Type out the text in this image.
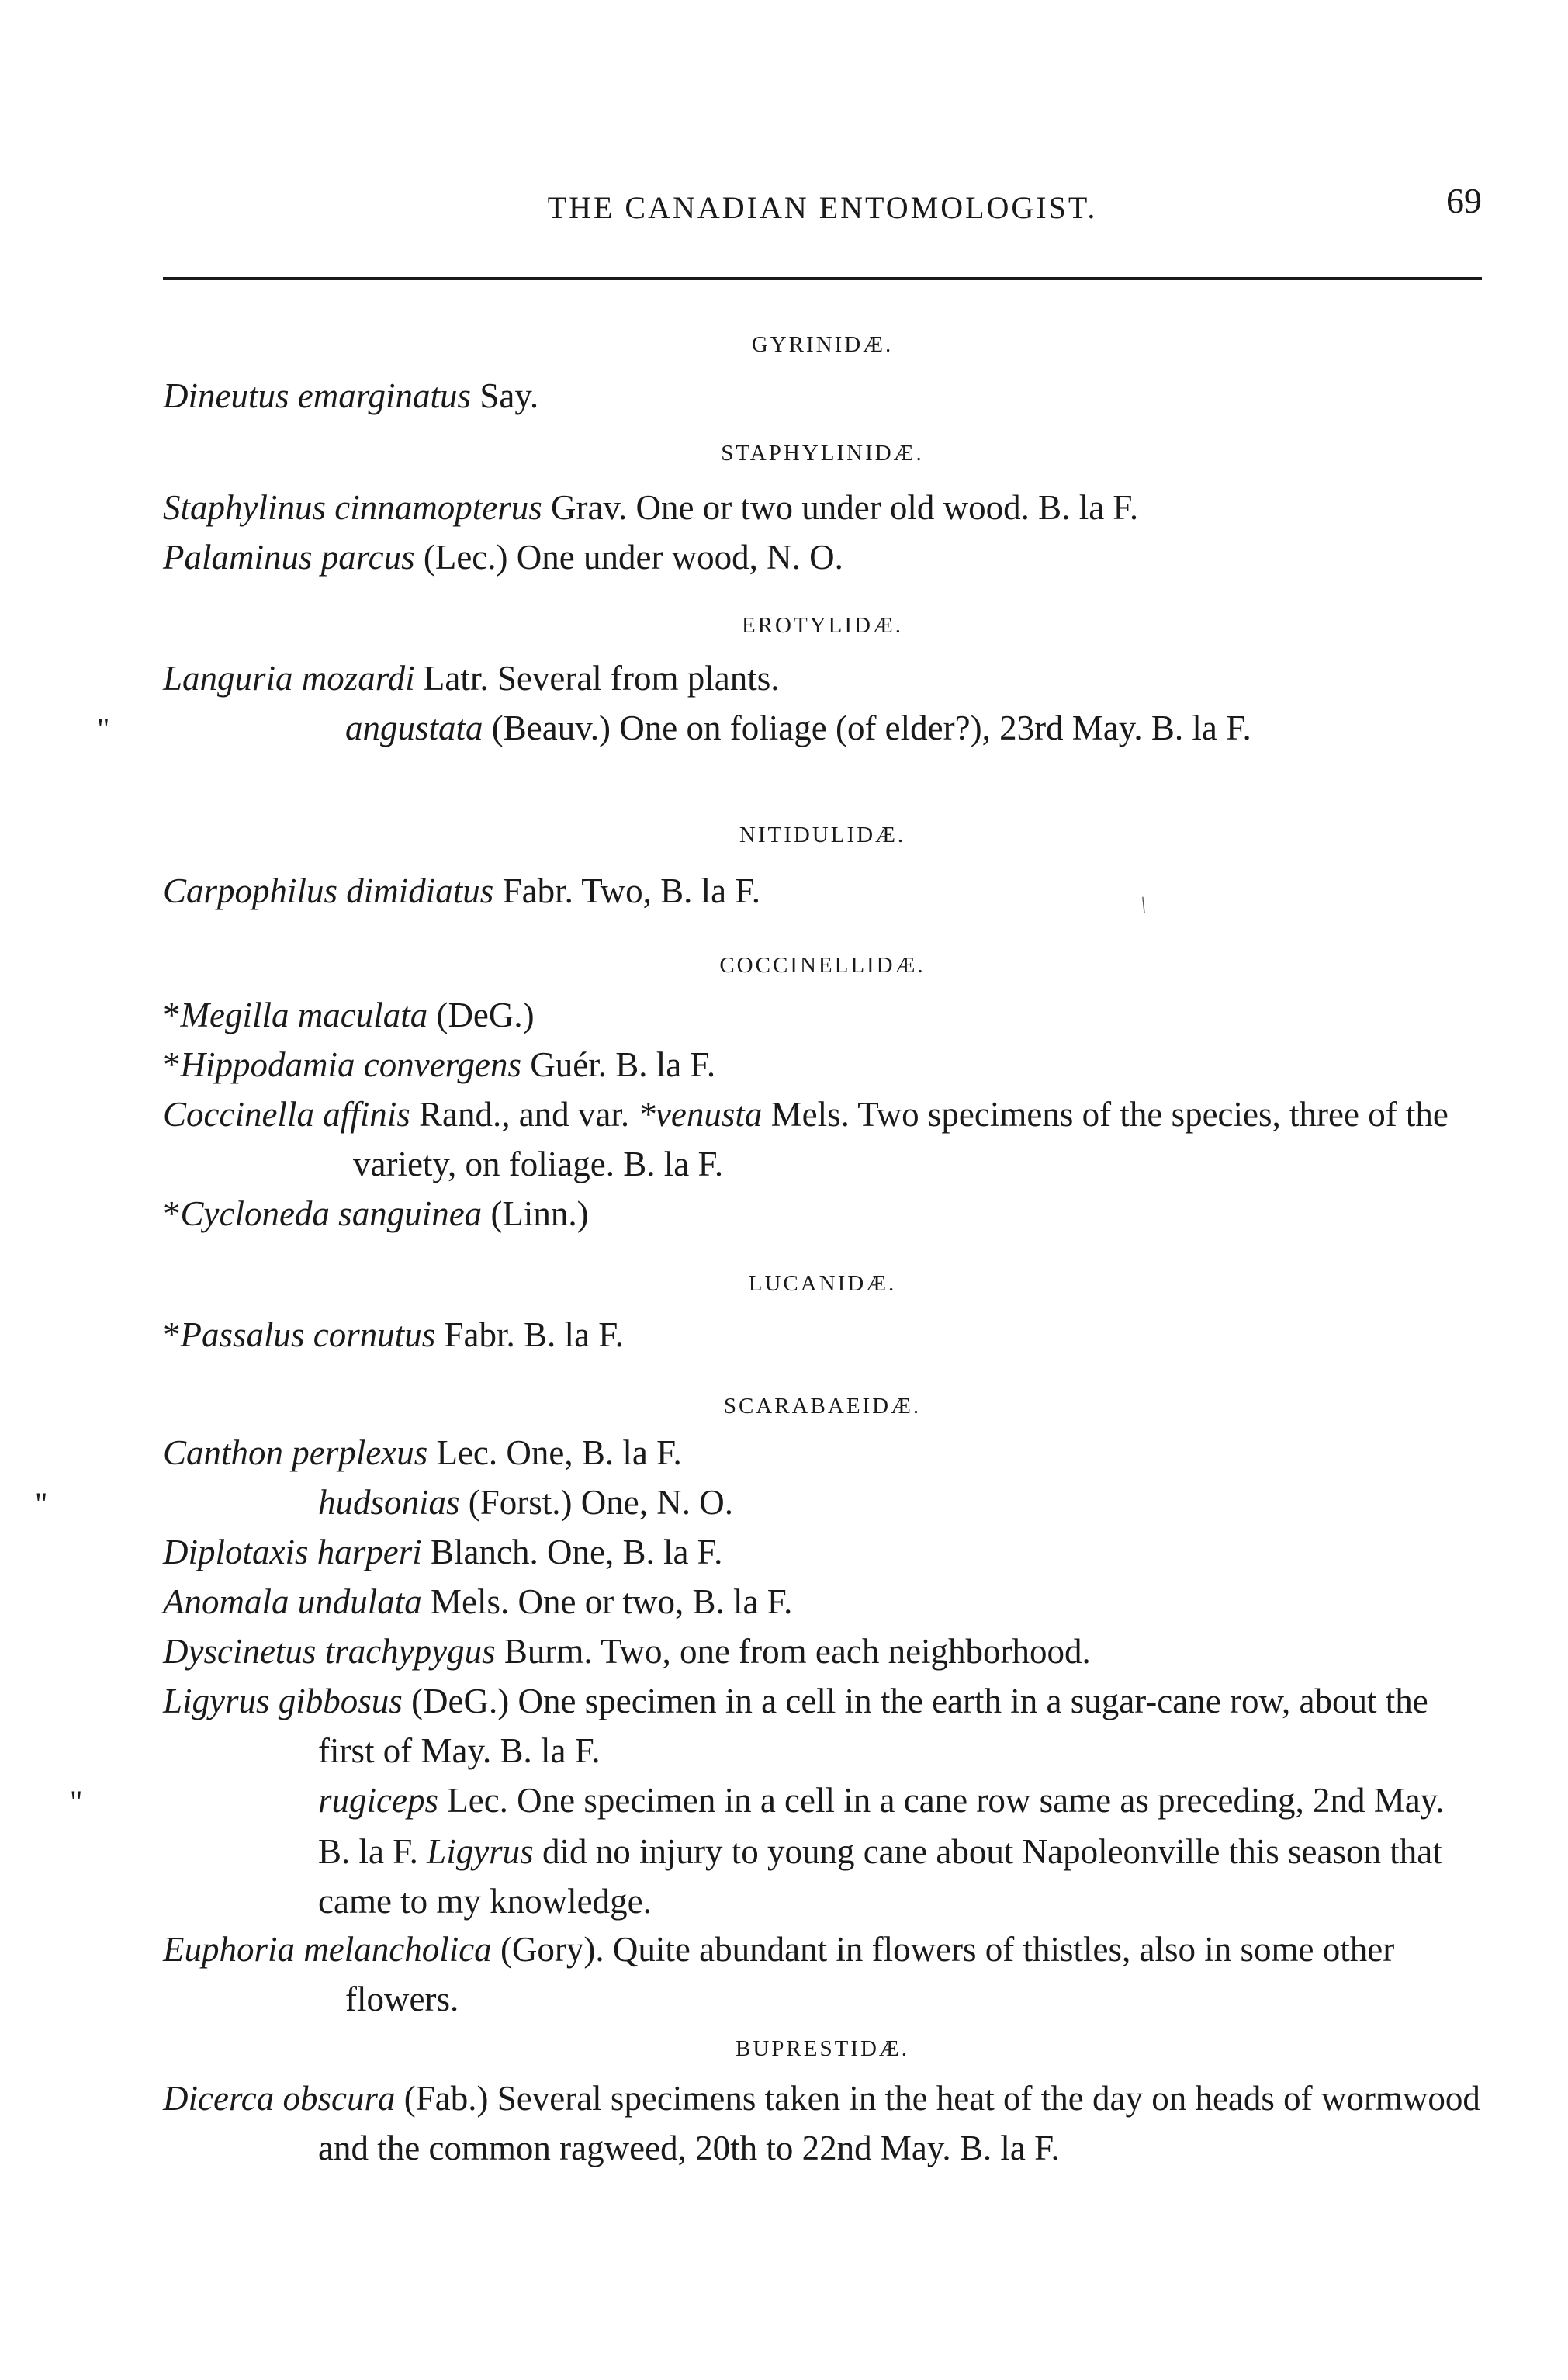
THE CANADIAN ENTOMOLOGIST.	69
GYRINIDÆ.
Dineutus emarginatus Say.
STAPHYLINIDÆ.
Staphylinus cinnamopterus Grav. One or two under old wood. B. la F.
Palaminus parcus (Lec.) One under wood, N. O.
EROTYLIDÆ.
Languria mozardi Latr. Several from plants.
"	angustata (Beauv.) One on foliage (of elder?), 23rd May. B. la F.
NITIDULIDÆ.
Carpophilus dimidiatus Fabr. Two, B. la F.
COCCINELLIDÆ.
*Megilla maculata (DeG.)
*Hippodamia convergens Guér. B. la F.
Coccinella affinis Rand., and var. *venusta Mels. Two specimens of the species, three of the variety, on foliage. B. la F.
*Cycloneda sanguinea (Linn.)
LUCANIDÆ.
*Passalus cornutus Fabr. B. la F.
SCARABAEIDÆ.
Canthon perplexus Lec. One, B. la F.
"	hudsonias (Forst.) One, N. O.
Diplotaxis harperi Blanch. One, B. la F.
Anomala undulata Mels. One or two, B. la F.
Dyscinetus trachypygus Burm. Two, one from each neighborhood.
Ligyrus gibbosus (DeG.) One specimen in a cell in the earth in a sugar-cane row, about the first of May. B. la F.
"	rugiceps Lec. One specimen in a cell in a cane row same as preceding, 2nd May. B. la F. Ligyrus did no injury to young cane about Napoleonville this season that came to my knowledge.
Euphoria melancholica (Gory). Quite abundant in flowers of thistles, also in some other flowers.
BUPRESTIDÆ.
Dicerca obscura (Fab.) Several specimens taken in the heat of the day on heads of wormwood and the common ragweed, 20th to 22nd May. B. la F.
/
